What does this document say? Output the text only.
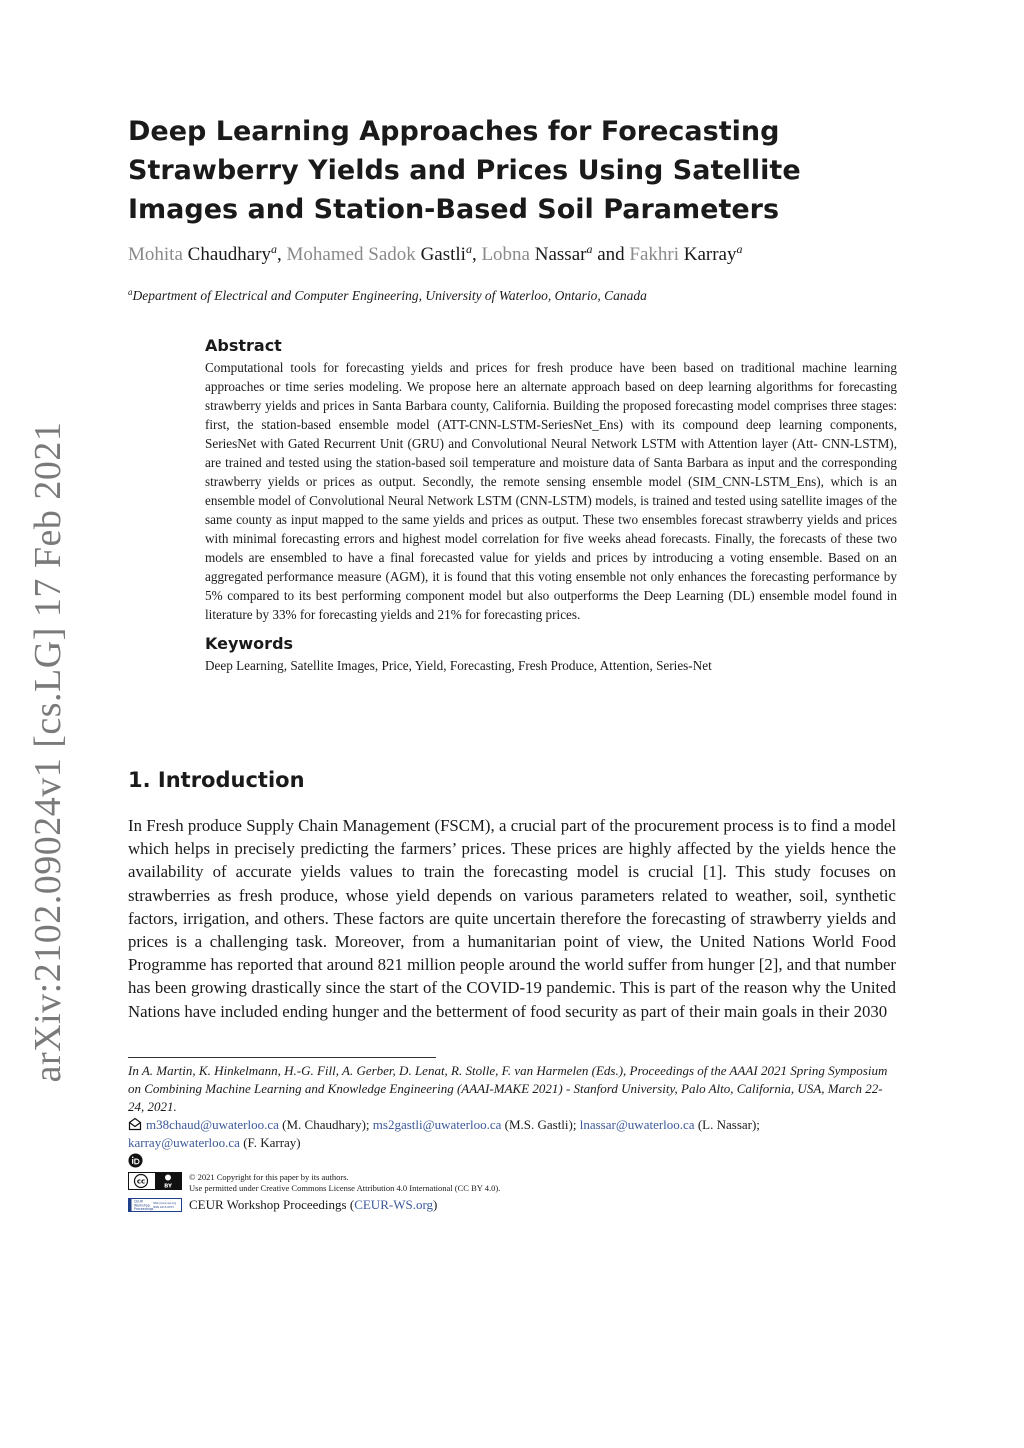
arXiv:2102.09024v1 [cs.LG] 17 Feb 2021
Deep Learning Approaches for Forecasting Strawberry Yields and Prices Using Satellite Images and Station-Based Soil Parameters
Mohita Chaudhary$^a$, Mohamed Sadok Gastli$^a$, Lobna Nassar$^a$ and Fakhri Karray$^a$
$^a$Department of Electrical and Computer Engineering, University of Waterloo, Ontario, Canada
Abstract

Computational tools for forecasting yields and prices for fresh produce have been based on traditional machine learning approaches or time series modeling. We propose here an alternate approach based on deep learning algorithms for forecasting strawberry yields and prices in Santa Barbara county, California. Building the proposed forecasting model comprises three stages: first, the station-based ensemble model (ATT-CNN-LSTM-SeriesNet_Ens) with its compound deep learning components, SeriesNet with Gated Recurrent Unit (GRU) and Convolutional Neural Network LSTM with Attention layer (Att- CNN-LSTM), are trained and tested using the station-based soil temperature and moisture data of Santa Barbara as input and the corresponding strawberry yields or prices as output. Secondly, the remote sensing ensemble model (SIM_CNN-LSTM_Ens), which is an ensemble model of Convolutional Neural Network LSTM (CNN-LSTM) models, is trained and tested using satellite images of the same county as input mapped to the same yields and prices as output. These two ensembles forecast strawberry yields and prices with minimal forecasting errors and highest model correlation for five weeks ahead forecasts. Finally, the forecasts of these two models are ensembled to have a final forecasted value for yields and prices by introducing a voting ensemble. Based on an aggregated performance measure (AGM), it is found that this voting ensemble not only enhances the forecasting performance by 5% compared to its best performing component model but also outperforms the Deep Learning (DL) ensemble model found in literature by 33% for forecasting yields and 21% for forecasting prices.

Keywords

Deep Learning, Satellite Images, Price, Yield, Forecasting, Fresh Produce, Attention, Series-Net

1. Introduction

In Fresh produce Supply Chain Management (FSCM), a crucial part of the procurement process is to find a model which helps in precisely predicting the farmers’ prices. These prices are highly affected by the yields hence the availability of accurate yields values to train the forecasting model is crucial [1]. This study focuses on strawberries as fresh produce, whose yield depends on various parameters related to weather, soil, synthetic factors, irrigation, and others. These factors are quite uncertain therefore the forecasting of strawberry yields and prices is a challenging task. Moreover, from a humanitarian point of view, the United Nations World Food Programme has reported that around 821 million people around the world suffer from hunger [2], and that number has been growing drastically since the start of the COVID-19 pandemic. This is part of the reason why the United Nations have included ending hunger and the betterment of food security as part of their main goals in their 2030

In A. Martin, K. Hinkelmann, H.-G. Fill, A. Gerber, D. Lenat, R. Stolle, F. van Harmelen (Eds.), Proceedings of the AAAI 2021 Spring Symposium on Combining Machine Learning and Knowledge Engineering (AAAI-MAKE 2021) - Stanford University, Palo Alto, California, USA, March 22-24, 2021.

m38chaud@uwaterloo.ca (M. Chaudhary); ms2gastli@uwaterloo.ca (M.S. Gastli); lnassar@uwaterloo.ca (L. Nassar);
karray@uwaterloo.ca (F. Karray)

cc
BY
© 2021 Copyright for this paper by its authors.
Use permitted under Creative Commons License Attribution 4.0 International (CC BY 4.0).
CEUR
Workshop
Proceedings
http://ceur-ws.org
ISSN 1613-0073 CEUR Workshop Proceedings (CEUR-WS.org)
